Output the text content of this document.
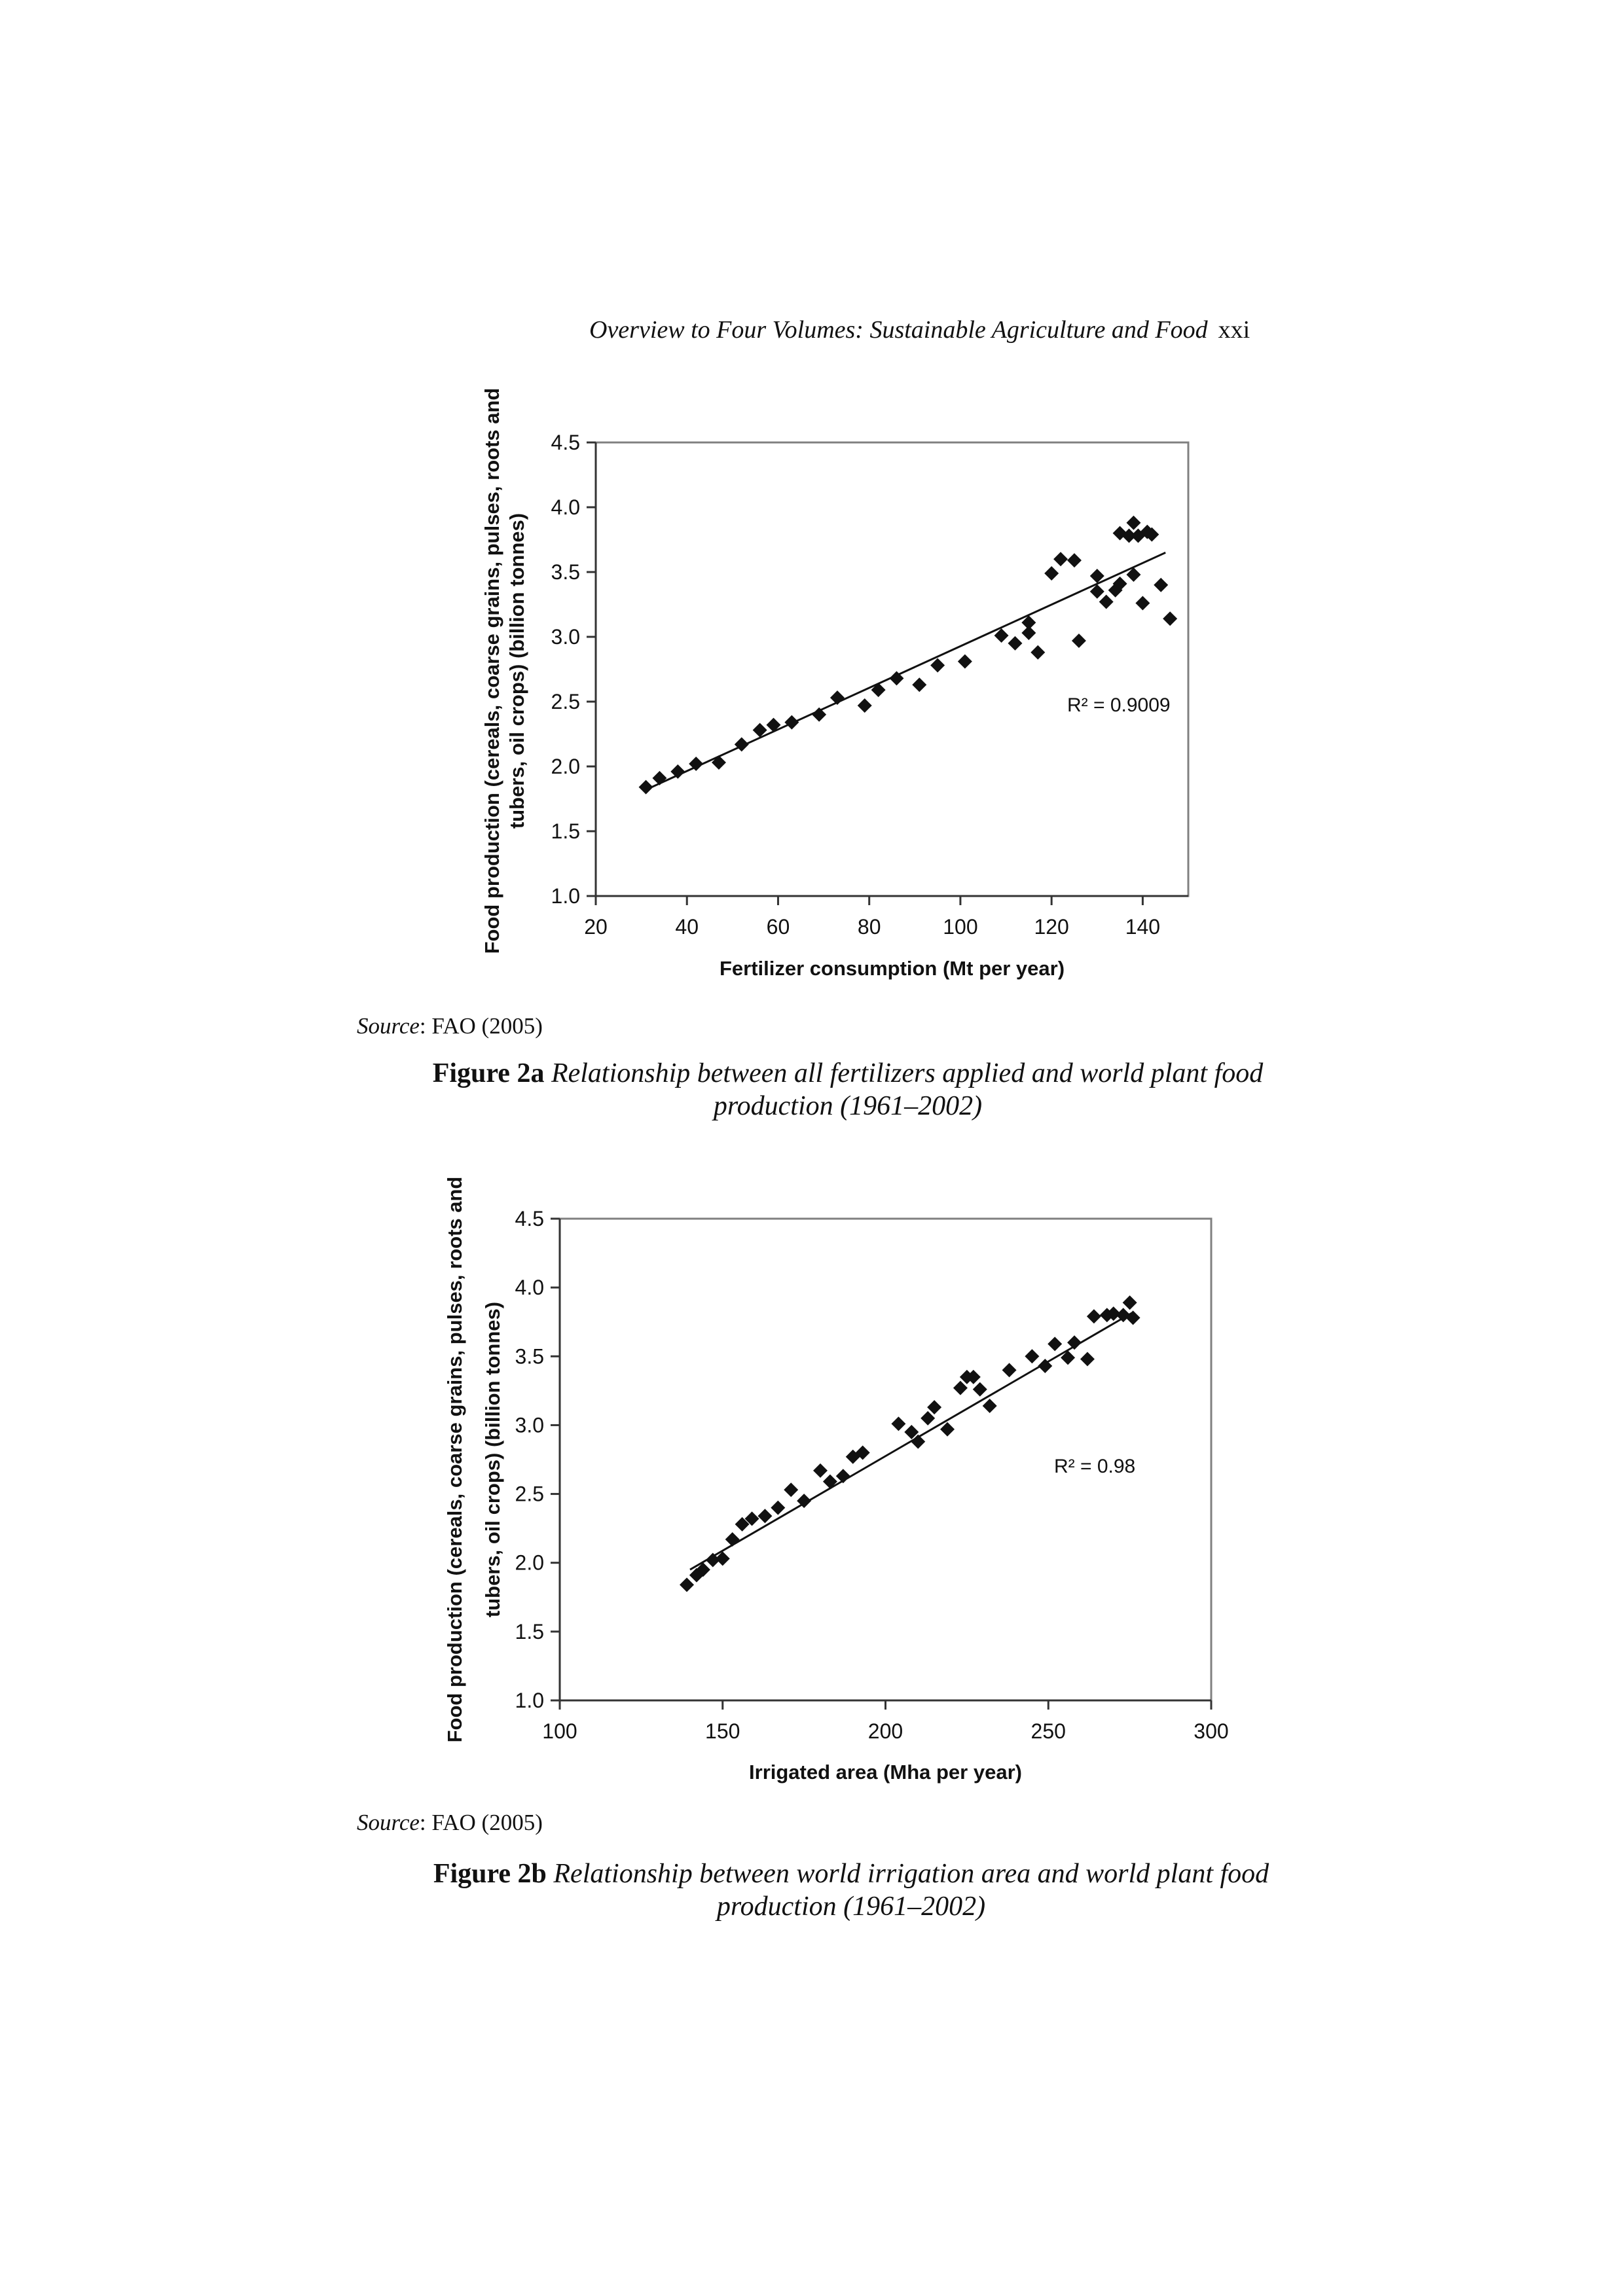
Overview to Four Volumes: Sustainable Agriculture and Food xxi
1.0
1.5
2.0
2.5
3.0
3.5
4.0
4.5
20	40	60	80	100	120	140
Fertilizer consumption (Mt per year)
Food production (cereals, coarse grains, pulses, roots and tubers, oil crops) (billion tonnes)	R² = 0.9009
Source: FAO (2005)
Figure 2a Relationship between all fertilizers applied and world plant food
production (1961–2002)
1.0
1.5
2.0
2.5
3.0
3.5
4.0
4.5
100	150	200	250	300
Irrigated area (Mha per year)
Food production (cereals, coarse grains, pulses, roots and tubers, oil crops) (billion tonnes)	R² = 0.98
Source: FAO (2005)
Figure 2b Relationship between world irrigation area and world plant food
production (1961–2002)
